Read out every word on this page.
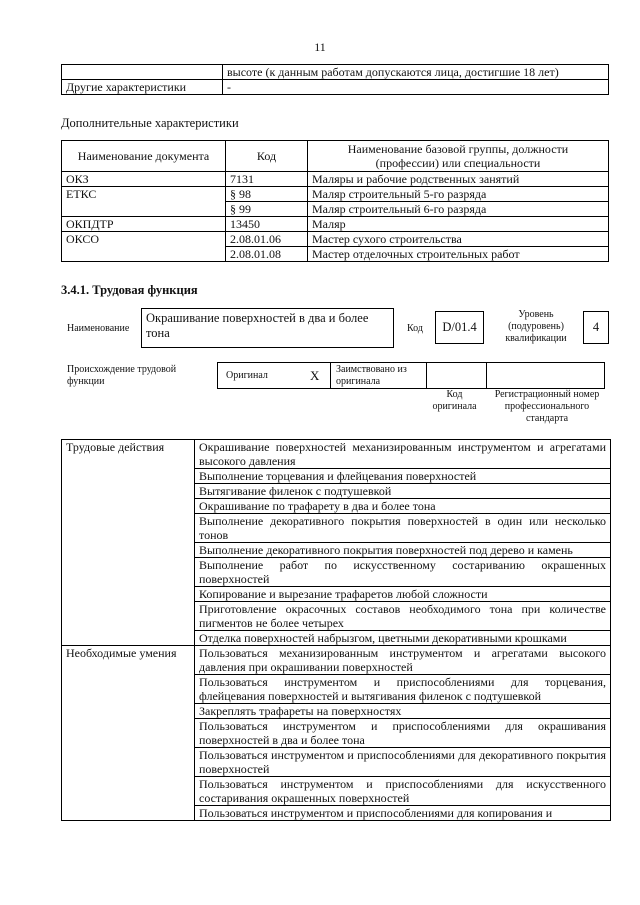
11
	высоте (к данным работам допускаются лица, достигшие 18 лет)
Другие характеристики	-
Дополнительные характеристики
Наименование документа	Код	Наименование базовой группы, должности (профессии) или специальности
ОКЗ	7131	Маляры и рабочие родственных занятий
ЕТКС	§ 98	Маляр строительный 5-го разряда
	§ 99	Маляр строительный 6-го разряда
ОКПДТР	13450	Маляр
ОКСО	2.08.01.06	Мастер сухого строительства
	2.08.01.08	Мастер отделочных строительных работ
3.4.1. Трудовая функция
Наименование
Окрашивание поверхностей в два и более тона	Код	D/01.4
Уровень (подуровень) квалификации
4
Происхождение трудовой функции
Оригинал	X Заимствовано из оригинала
Код оригинала
Регистрационный номер профессионального стандарта
Трудовые действия	Окрашивание поверхностей механизированным инструментом и агрегатами высокого давления
	Выполнение торцевания и флейцевания поверхностей
	Вытягивание филенок с подтушевкой
	Окрашивание по трафарету в два и более тона
	Выполнение декоративного покрытия поверхностей в один или несколько тонов
	Выполнение декоративного покрытия поверхностей под дерево и камень
	Выполнение работ по искусственному состариванию окрашенных поверхностей
	Копирование и вырезание трафаретов любой сложности
	Приготовление окрасочных составов необходимого тона при количестве пигментов не более четырех
	Отделка поверхностей набрызгом, цветными декоративными крошками
Необходимые умения	Пользоваться механизированным инструментом и агрегатами высокого давления при окрашивании поверхностей
	Пользоваться инструментом и приспособлениями для торцевания, флейцевания поверхностей и вытягивания филенок с подтушевкой
	Закреплять трафареты на поверхностях
	Пользоваться инструментом и приспособлениями для окрашивания поверхностей в два и более тона
	Пользоваться инструментом и приспособлениями для декоративного покрытия поверхностей
	Пользоваться инструментом и приспособлениями для искусственного состаривания окрашенных поверхностей
	Пользоваться инструментом и приспособлениями для копирования и
